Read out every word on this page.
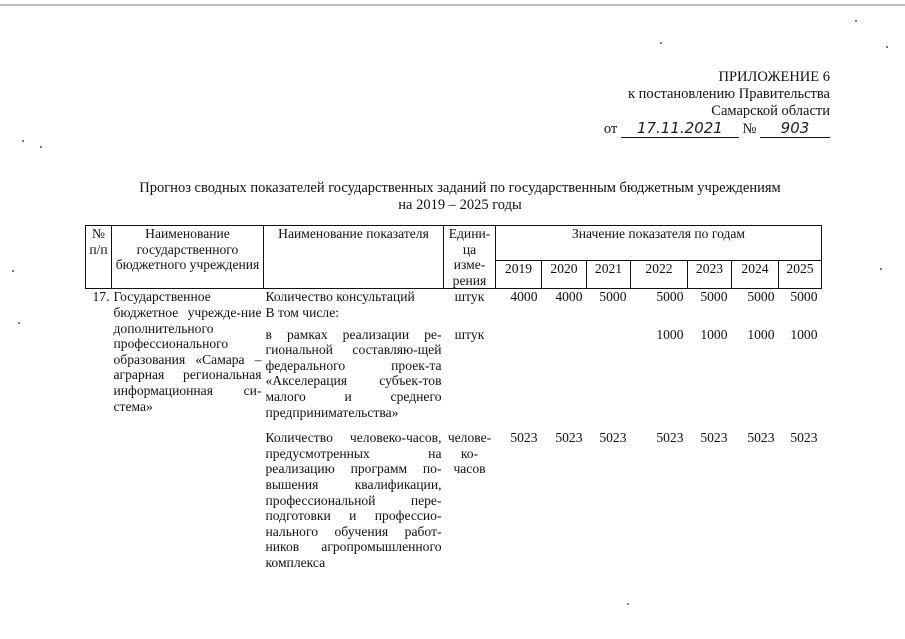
ПРИЛОЖЕНИЕ 6
к постановлению Правительства
Самарской области
от 17.11.2021 № 903
Прогноз сводных показателей государственных заданий по государственным бюджетным учреждениям
на 2019 – 2025 годы
№ п/п	Наименование государственного бюджетного учреждения	Наименование показателя	Едини-ца изме-рения	Значение показателя по годам						
				2019	2020	2021	2022	2023	2024	2025
17.	Государственное бюджетное учрежде-ние дополнительного профессионального образования «Самара – аграрная региональная информационная си-стема»	Количество консультаций	штук	4000	4000	5000	5000	5000	5000	5000
		В том числе:								
		в рамках реализации ре-гиональной составляю-щей федерального проек-та «Акселерация субъек-тов малого и среднего предпринимательства»	штук				1000	1000	1000	1000
		Количество человеко-часов, предусмотренных на реализацию программ по-вышения квалификации, профессиональной пере-подготовки и профессио-нального обучения работ-ников агропромышленного комплекса	челове-ко-часов	5023	5023	5023	5023	5023	5023	5023
